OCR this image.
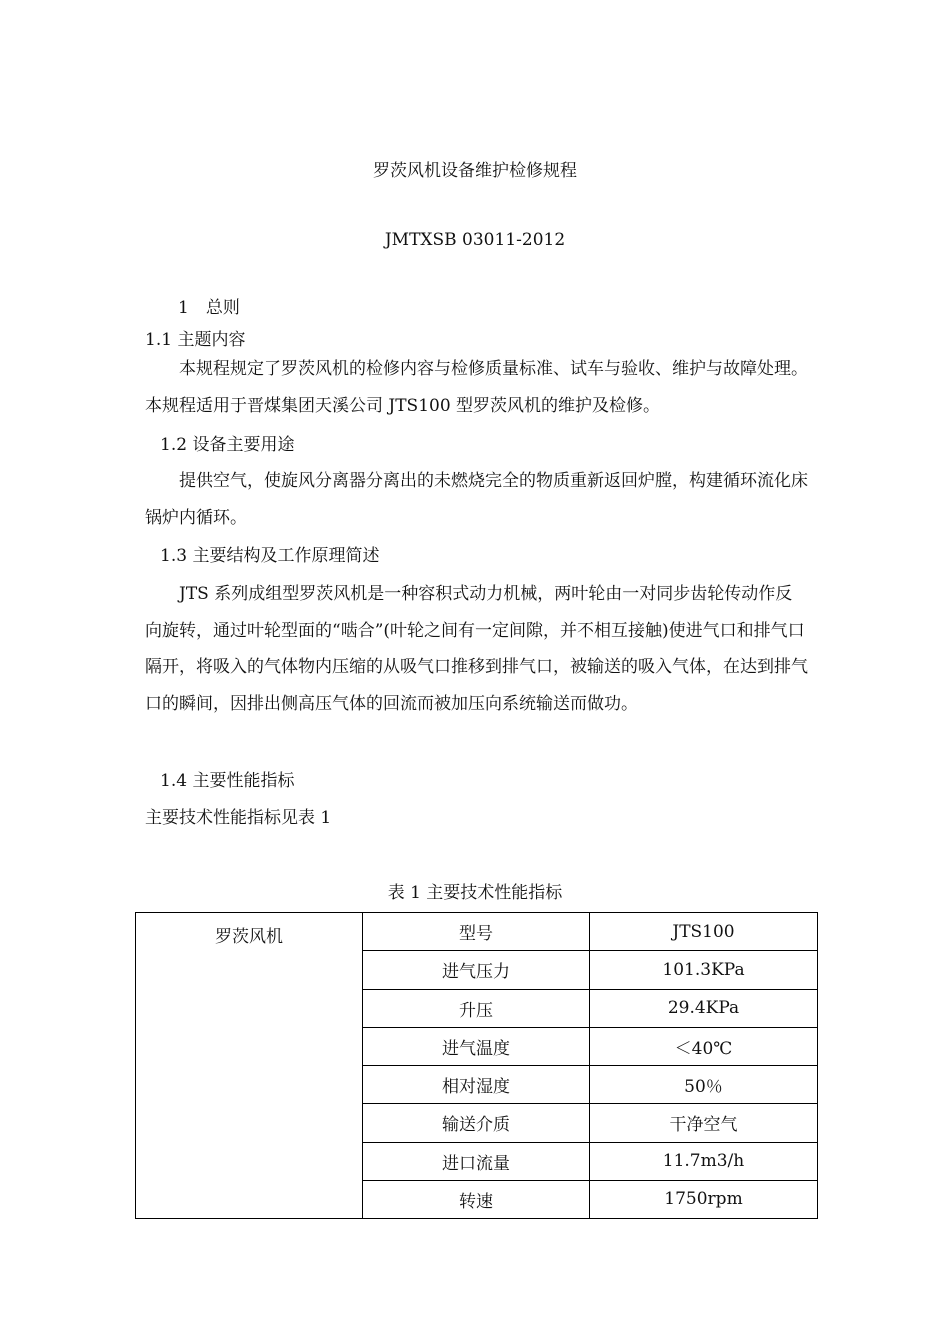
罗茨风机设备维护检修规程
JMTXSB 03011-2012
1　总则
1.1 主题内容
本规程规定了罗茨风机的检修内容与检修质量标准、试车与验收、维护与故障处理。本规程适用于晋煤集团天溪公司 JTS100 型罗茨风机的维护及检修。
1.2 设备主要用途
提供空气，使旋风分离器分离出的未燃烧完全的物质重新返回炉膛，构建循环流化床锅炉内循环。
1.3 主要结构及工作原理简述
JTS 系列成组型罗茨风机是一种容积式动力机械，两叶轮由一对同步齿轮传动作反向旋转，通过叶轮型面的“啮合”(叶轮之间有一定间隙，并不相互接触)使进气口和排气口隔开，将吸入的气体物内压缩的从吸气口推移到排气口，被输送的吸入气体，在达到排气口的瞬间，因排出侧高压气体的回流而被加压向系统输送而做功。
1.4 主要性能指标
主要技术性能指标见表 1
表 1 主要技术性能指标
罗茨风机	型号	JTS100
	进气压力	101.3KPa
	升压	29.4KPa
	进气温度	＜40℃
	相对湿度	50％
	输送介质	干净空气
	进口流量	11.7m3/h
	转速	1750rpm
